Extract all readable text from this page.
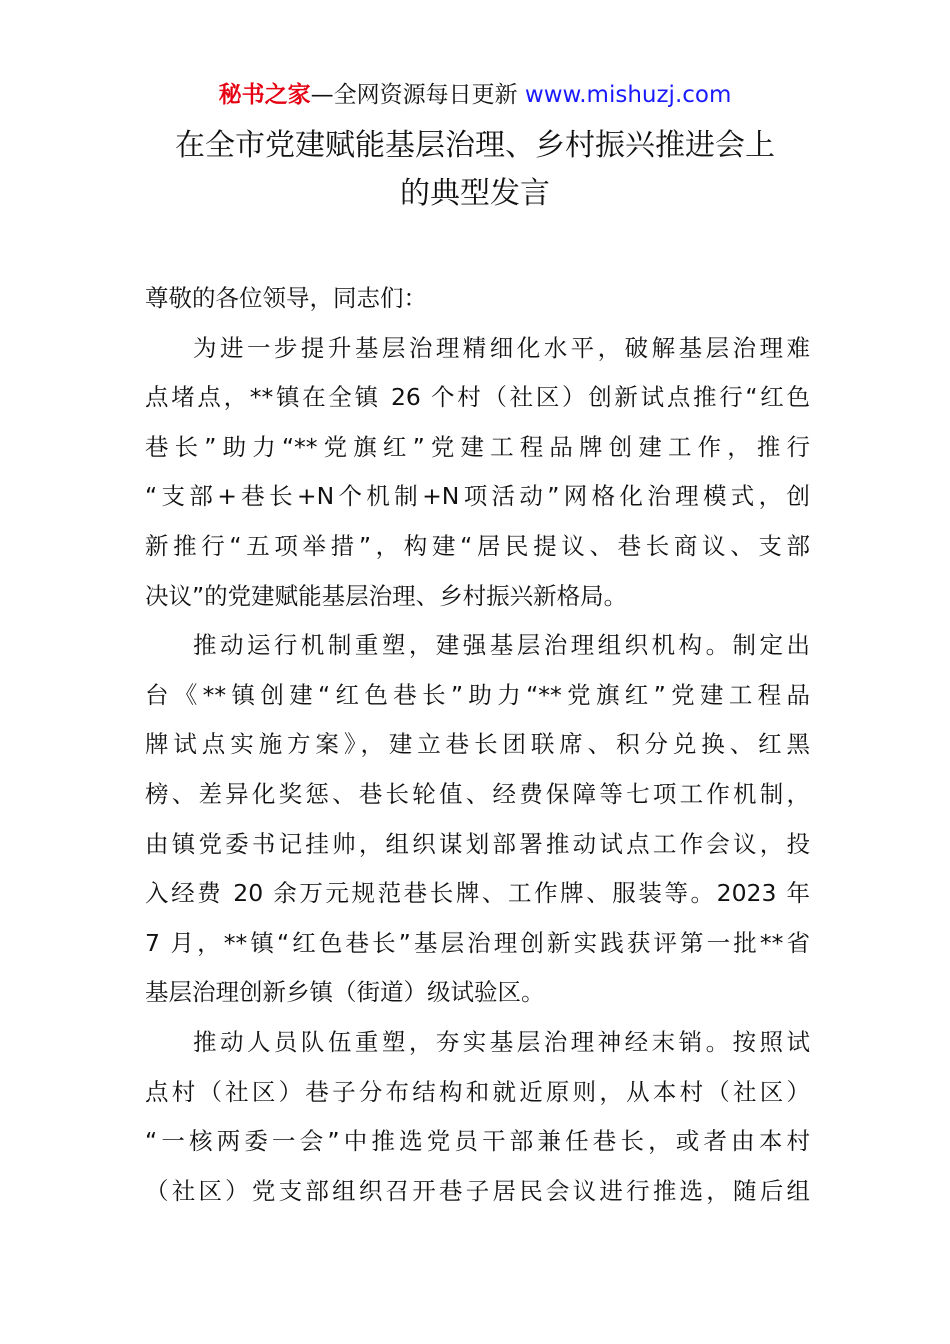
秘书之家—全网资源每日更新 www.mishuzj.com
在全市党建赋能基层治理、乡村振兴推进会上
的典型发言
尊敬的各位领导，同志们：
为进一步提升基层治理精细化水平，破解基层治理难
点堵点，**镇在全镇 26 个村（社区）创新试点推行“红色
巷长”助力“**党旗红”党建工程品牌创建工作，推行
“支部+巷长+N个机制+N项活动”网格化治理模式，创
新推行“五项举措”，构建“居民提议、巷长商议、支部
决议”的党建赋能基层治理、乡村振兴新格局。
推动运行机制重塑，建强基层治理组织机构。制定出
台《**镇创建“红色巷长”助力“**党旗红”党建工程品
牌试点实施方案》，建立巷长团联席、积分兑换、红黑
榜、差异化奖惩、巷长轮值、经费保障等七项工作机制，
由镇党委书记挂帅，组织谋划部署推动试点工作会议，投
入经费 20 余万元规范巷长牌、工作牌、服装等。2023 年
7 月，**镇“红色巷长”基层治理创新实践获评第一批**省
基层治理创新乡镇（街道）级试验区。
推动人员队伍重塑，夯实基层治理神经末销。按照试
点村（社区）巷子分布结构和就近原则，从本村（社区）
“一核两委一会”中推选党员干部兼任巷长，或者由本村
（社区）党支部组织召开巷子居民会议进行推选，随后组
